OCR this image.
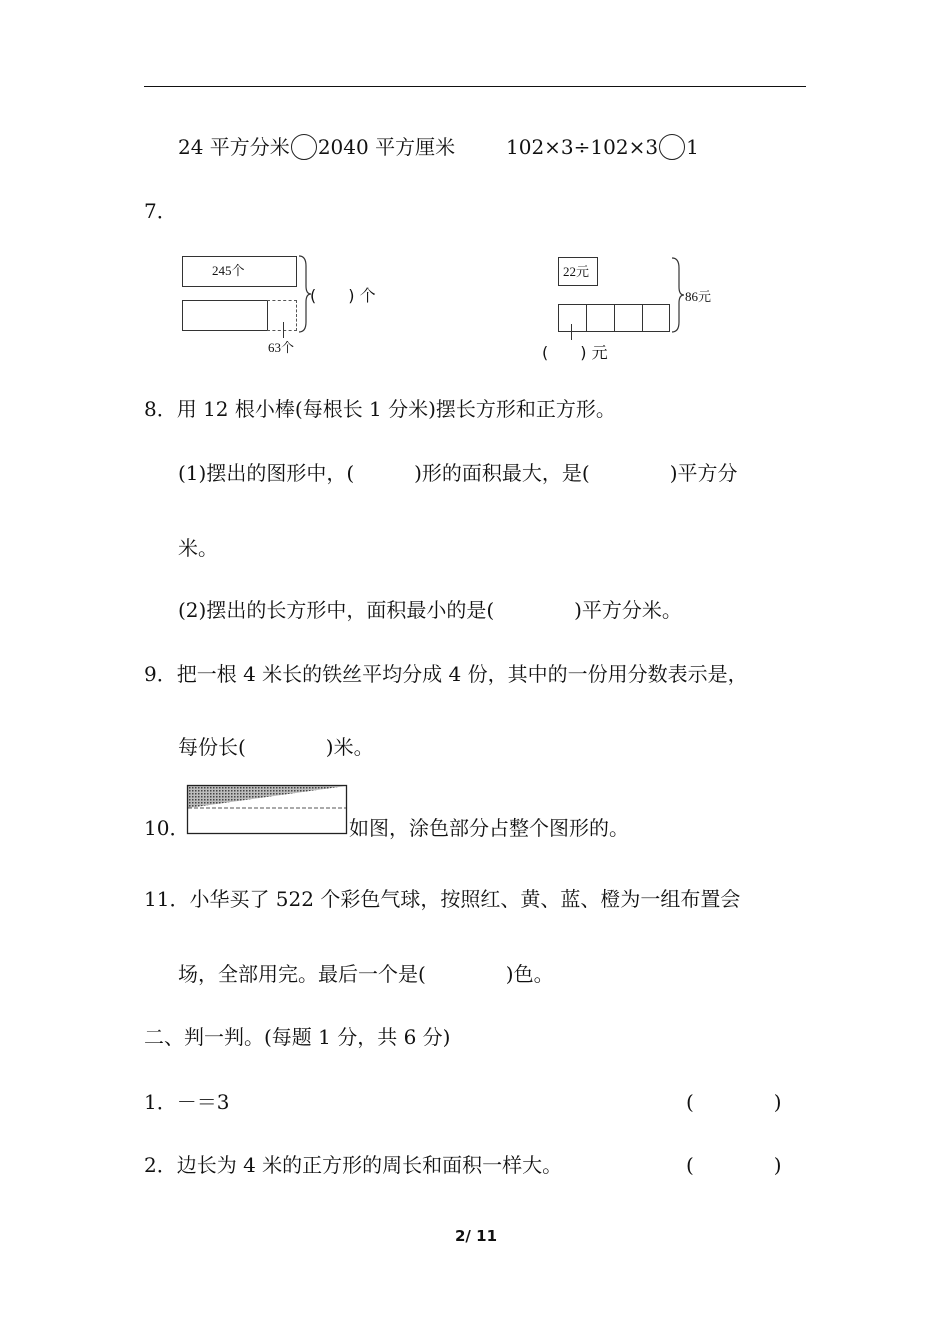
24 平方分米 2040 平方厘米	102×3÷102×3 1
7．
245个
63个
(　　) 个
22元
86元
(　　) 元
8．用 12 根小棒(每根长 1 分米)摆长方形和正方形。
(1)摆出的图形中，(　　　)形的面积最大，是(　　　　)平方分
米。
(2)摆出的长方形中，面积最小的是(　　　　)平方分米。
9．把一根 4 米长的铁丝平均分成 4 份，其中的一份用分数表示是，
每份长(　　　　)米。
10．	如图，涂色部分占整个图形的。
11．小华买了 522 个彩色气球，按照红、黄、蓝、橙为一组布置会
场，全部用完。最后一个是(　　　　)色。
二、判一判。(每题 1 分，共 6 分)
1．－＝3	(　　　　)
2．边长为 4 米的正方形的周长和面积一样大。	(　　　　)
2/ 11
